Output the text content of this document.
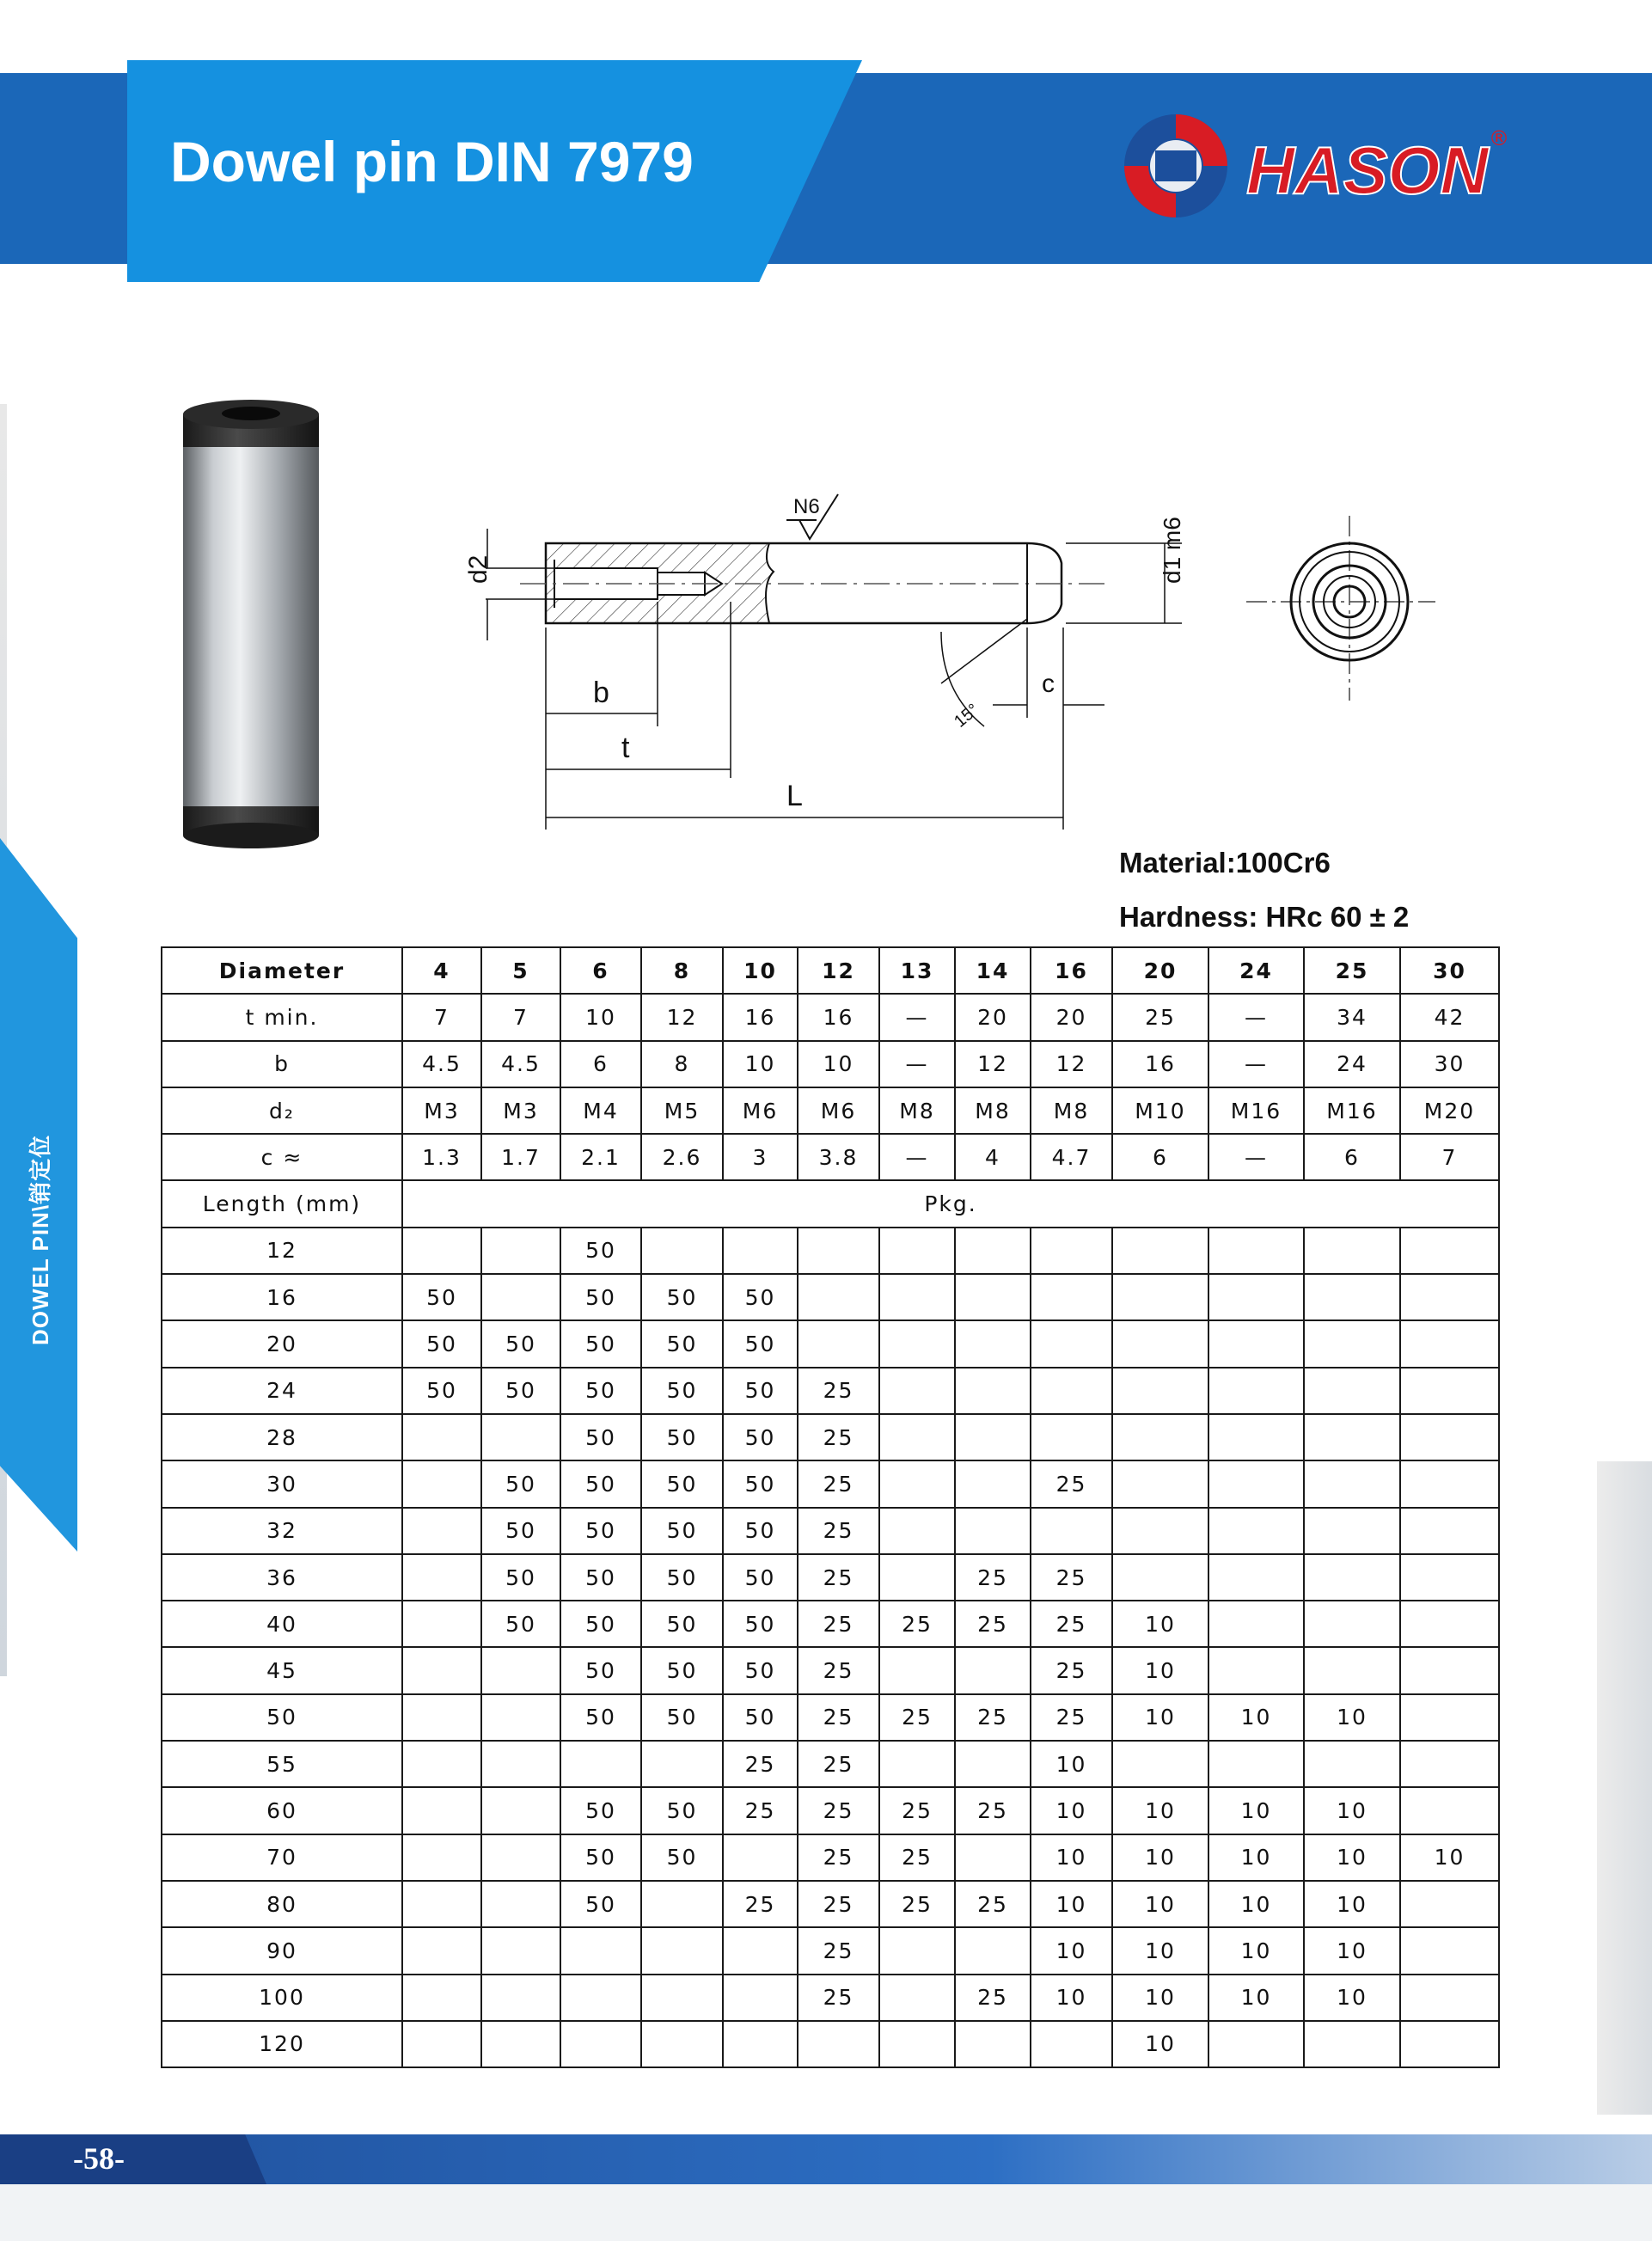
Dowel pin DIN 7979	HASON ®
DOWEL PIN\销定位
N6
d2	d1 m6
b
t
L
c
15°
Material:100Cr6
Hardness: HRc 60 ± 2
Diameter	4	5	6	8	10	12	13	14	16	20	24	25	30
t min.	7	7	10	12	16	16	—	20	20	25	—	34	42
b	4.5	4.5	6	8	10	10	—	12	12	16	—	24	30
d₂	M3	M3	M4	M5	M6	M6	M8	M8	M8	M10	M16	M16	M20
c ≈	1.3	1.7	2.1	2.6	3	3.8	—	4	4.7	6	—	6	7
Length (mm)	Pkg.												
12			50										
16	50		50	50	50								
20	50	50	50	50	50								
24	50	50	50	50	50	25							
28			50	50	50	25							
30		50	50	50	50	25			25				
32		50	50	50	50	25							
36		50	50	50	50	25		25	25				
40		50	50	50	50	25	25	25	25	10			
45			50	50	50	25			25	10			
50			50	50	50	25	25	25	25	10	10	10	
55					25	25			10				
60			50	50	25	25	25	25	10	10	10	10	
70			50	50		25	25		10	10	10	10	10
80			50		25	25	25	25	10	10	10	10	
90						25			10	10	10	10	
100						25		25	10	10	10	10	
120										10			
-58-
